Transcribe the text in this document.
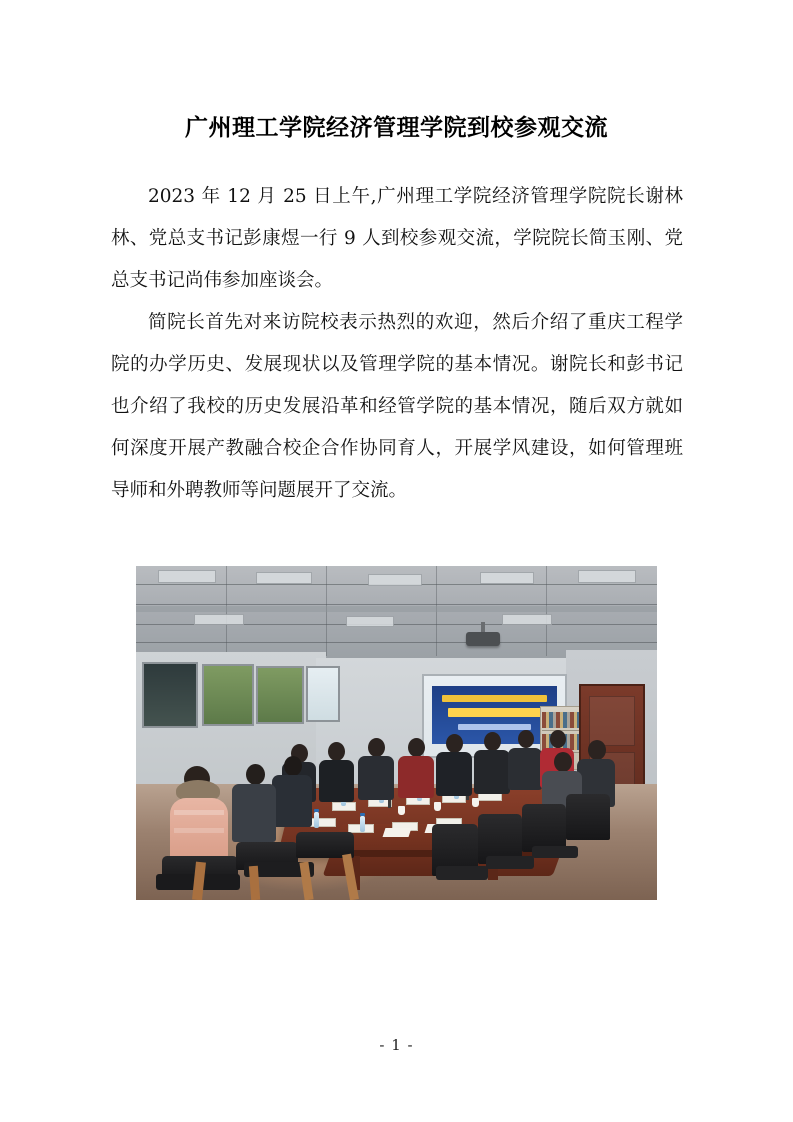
广州理工学院经济管理学院到校参观交流

2023 年 12 月 25 日上午,广州理工学院经济管理学院院长谢林林、党总支书记彭康煜一行 9 人到校参观交流，学院院长简玉刚、党总支书记尚伟参加座谈会。

简院长首先对来访院校表示热烈的欢迎，然后介绍了重庆工程学院的办学历史、发展现状以及管理学院的基本情况。谢院长和彭书记也介绍了我校的历史发展沿革和经管学院的基本情况，随后双方就如何深度开展产教融合校企合作协同育人，开展学风建设，如何管理班导师和外聘教师等问题展开了交流。

- 1 -
